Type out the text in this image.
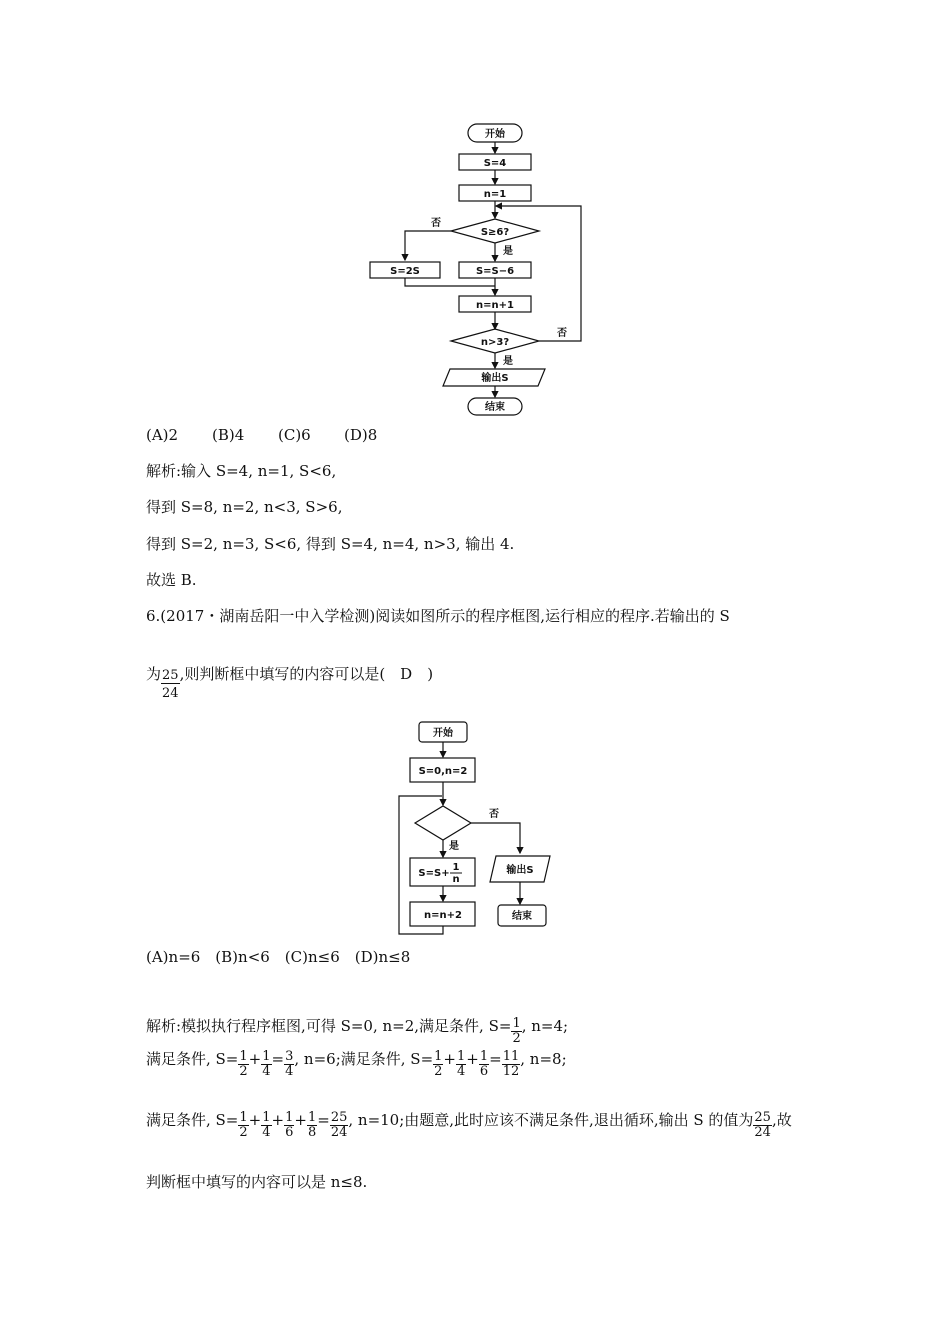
开始
S=4
n=1
S≥6?
否
是
S=2S	S=S−6
n=n+1
n>3?
否
是
输出S
结束
(A)2 (B)4 (C)6 (D)8
解析:输入 S=4, n=1, S<6,
得到 S=8, n=2, n<3, S>6,
得到 S=2, n=3, S<6, 得到 S=4, n=4, n>3, 输出 4.
故选 B.
6.(2017・湖南岳阳一中入学检测)阅读如图所示的程序框图,运行相应的程序.若输出的 S
为 $\frac{25}{24}$ ,则判断框中填写的内容可以是(　D　)
开始
S=0,n=2
否
是
S=S+
1
n
n=n+2
输出S
结束
(A)n=6　(B)n<6　(C)n≤6　(D)n≤8
解析:模拟执行程序框图,可得 S=0, n=2,满足条件, $S= \frac{1}{2}$ , n=4;
满足条件, $S= \frac{1}{2} + \frac{1}{4} = \frac{3}{4}$ , n=6;满足条件, $S= \frac{1}{2} + \frac{1}{4} + \frac{1}{6} = \frac{11}{12}$ , n=8;
满足条件, $S= \frac{1}{2} + \frac{1}{4} + \frac{1}{6} + \frac{1}{8} = \frac{25}{24}$ , n=10;由题意,此时应该不满足条件,退出循环,输出 S 的值为 $\frac{25}{24}$ ,故
判断框中填写的内容可以是 n≤8.
